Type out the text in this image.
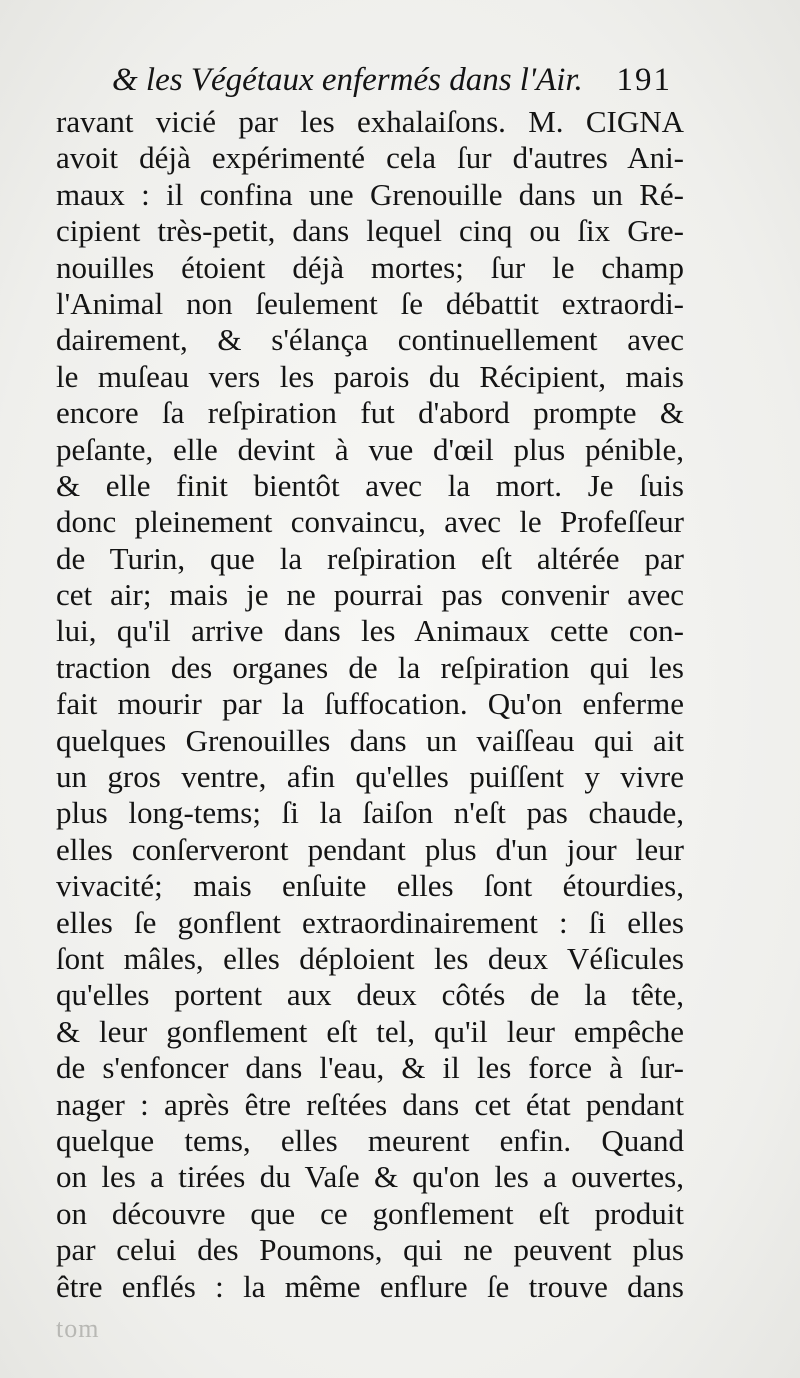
& les Végétaux enfermés dans l'Air. 191
ravant vicié par les exhalaiſons. M. CIGNA
avoit déjà expérimenté cela ſur d'autres Ani-
maux : il confina une Grenouille dans un Ré-
cipient très-petit, dans lequel cinq ou ſix Gre-
nouilles étoient déjà mortes; ſur le champ
l'Animal non ſeulement ſe débattit extraordi-
dairement, & s'élança continuellement avec
le muſeau vers les parois du Récipient, mais
encore ſa reſpiration fut d'abord prompte &
peſante, elle devint à vue d'œil plus pénible,
& elle finit bientôt avec la mort. Je ſuis
donc pleinement convaincu, avec le Profeſſeur
de Turin, que la reſpiration eſt altérée par
cet air; mais je ne pourrai pas convenir avec
lui, qu'il arrive dans les Animaux cette con-
traction des organes de la reſpiration qui les
fait mourir par la ſuffocation. Qu'on enferme
quelques Grenouilles dans un vaiſſeau qui ait
un gros ventre, afin qu'elles puiſſent y vivre
plus long-tems; ſi la ſaiſon n'eſt pas chaude,
elles conſerveront pendant plus d'un jour leur
vivacité; mais enſuite elles ſont étourdies,
elles ſe gonflent extraordinairement : ſi elles
ſont mâles, elles déploient les deux Véſicules
qu'elles portent aux deux côtés de la tête,
& leur gonflement eſt tel, qu'il leur empêche
de s'enfoncer dans l'eau, & il les force à ſur-
nager : après être reſtées dans cet état pendant
quelque tems, elles meurent enfin. Quand
on les a tirées du Vaſe & qu'on les a ouvertes,
on découvre que ce gonflement eſt produit
par celui des Poumons, qui ne peuvent plus
être enflés : la même enflure ſe trouve dans
tom
